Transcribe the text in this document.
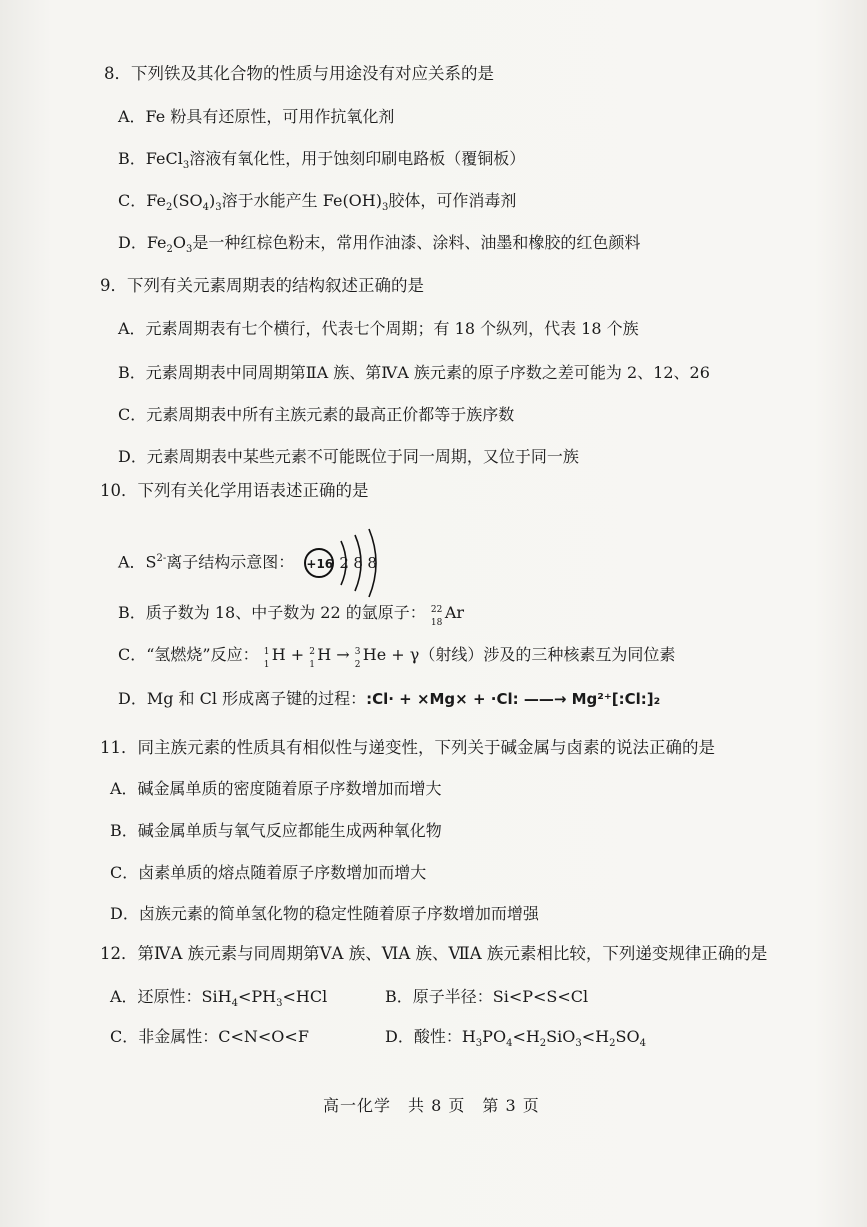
8．下列铁及其化合物的性质与用途没有对应关系的是
A．Fe 粉具有还原性，可用作抗氧化剂
B．FeCl$_3$溶液有氧化性，用于蚀刻印刷电路板（覆铜板）
C．$Fe_2(SO_4)_3$溶于水能产生 $Fe(OH)_3$胶体，可作消毒剂
D．$Fe_2O_3$是一种红棕色粉末，常用作油漆、涂料、油墨和橡胶的红色颜料
9．下列有关元素周期表的结构叙述正确的是
A．元素周期表有七个横行，代表七个周期；有 18 个纵列，代表 18 个族
B．元素周期表中同周期第ⅡA 族、第ⅣA 族元素的原子序数之差可能为 2、12、26
C．元素周期表中所有主族元素的最高正价都等于族序数
D．元素周期表中某些元素不可能既位于同一周期，又位于同一族
10．下列有关化学用语表述正确的是
A．$S^{2-}$离子结构示意图： +16 2 8 8
B．质子数为 18、中子数为 22 的氩原子： 22
18
Ar
C．“氢燃烧”反应： 1
1
H + 2
1
H → 3
2
He + γ（射线）涉及的三种核素互为同位素
D．Mg 和 Cl 形成离子键的过程：:Cl· + ×Mg× + ·Cl: ——→ Mg²⁺[:Cl:]₂
11．同主族元素的性质具有相似性与递变性，下列关于碱金属与卤素的说法正确的是
A．碱金属单质的密度随着原子序数增加而增大
B．碱金属单质与氧气反应都能生成两种氧化物
C．卤素单质的熔点随着原子序数增加而增大
D．卤族元素的简单氢化物的稳定性随着原子序数增加而增强
12．第ⅣA 族元素与同周期第ⅤA 族、ⅥA 族、ⅦA 族元素相比较，下列递变规律正确的是
A．还原性：$SiH_4<PH_3<HCl$	B．原子半径：Si<P<S<Cl
C．非金属性：C<N<O<F	D．酸性：$H_3PO_4<H_2SiO_3<H_2SO_4$
高一化学　共 8 页　第 3 页
